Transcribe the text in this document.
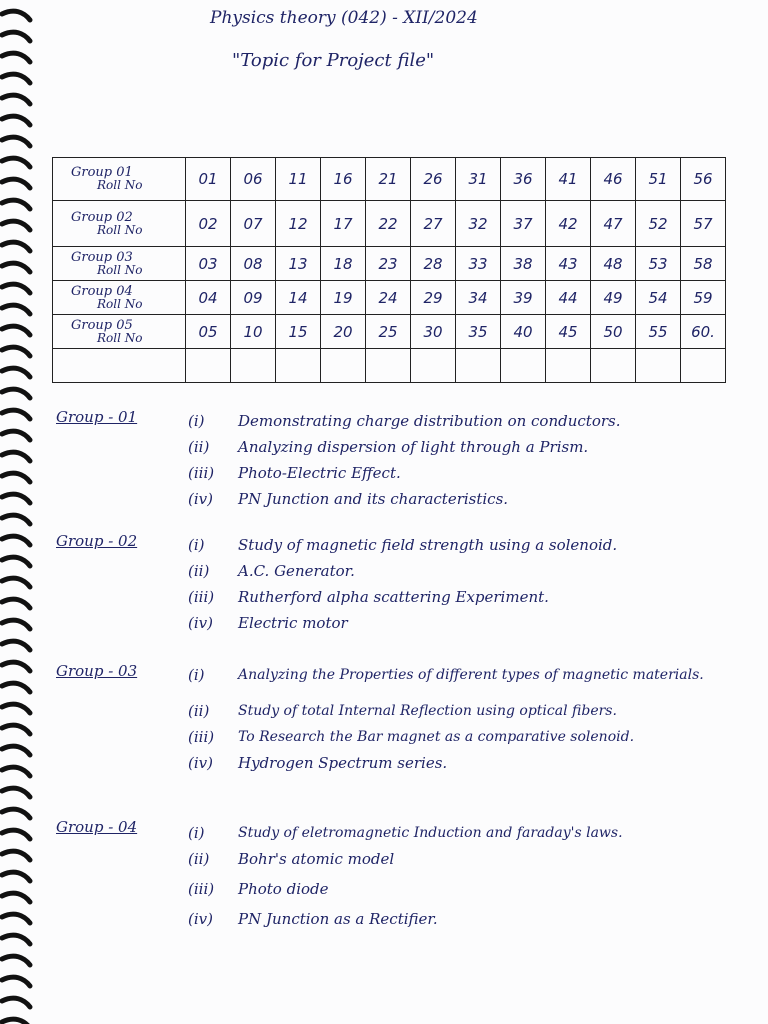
Physics theory (042) - XII/2024
"Topic for Project file"
Group 01
Roll No	01	06	11	16	21	26	31	36	41	46	51	56

Group 02
Roll No	02	07	12	17	22	27	32	37	42	47	52	57

Group 03
Roll No	03	08	13	18	23	28	33	38	43	48	53	58

Group 04
Roll No	04	09	14	19	24	29	34	39	44	49	54	59

Group 05
Roll No	05	10	15	20	25	30	35	40	45	50	55	60.

Group - 01	(i)	Demonstrating charge distribution on conductors.
(ii)	Analyzing dispersion of light through a Prism.
(iii)	Photo-Electric Effect.
(iv)	PN Junction and its characteristics.
Group - 02	(i)	Study of magnetic field strength using a solenoid.
(ii)	A.C. Generator.
(iii)	Rutherford alpha scattering Experiment.
(iv)	Electric motor
Group - 03	(i)	Analyzing the Properties of different types of magnetic materials.
(ii)	Study of total Internal Reflection using optical fibers.
(iii)	To Research the Bar magnet as a comparative solenoid.
(iv)	Hydrogen Spectrum series.
Group - 04	(i)	Study of eletromagnetic Induction and faraday's laws.
(ii)	Bohr's atomic model
(iii)	Photo diode
(iv)	PN Junction as a Rectifier.
